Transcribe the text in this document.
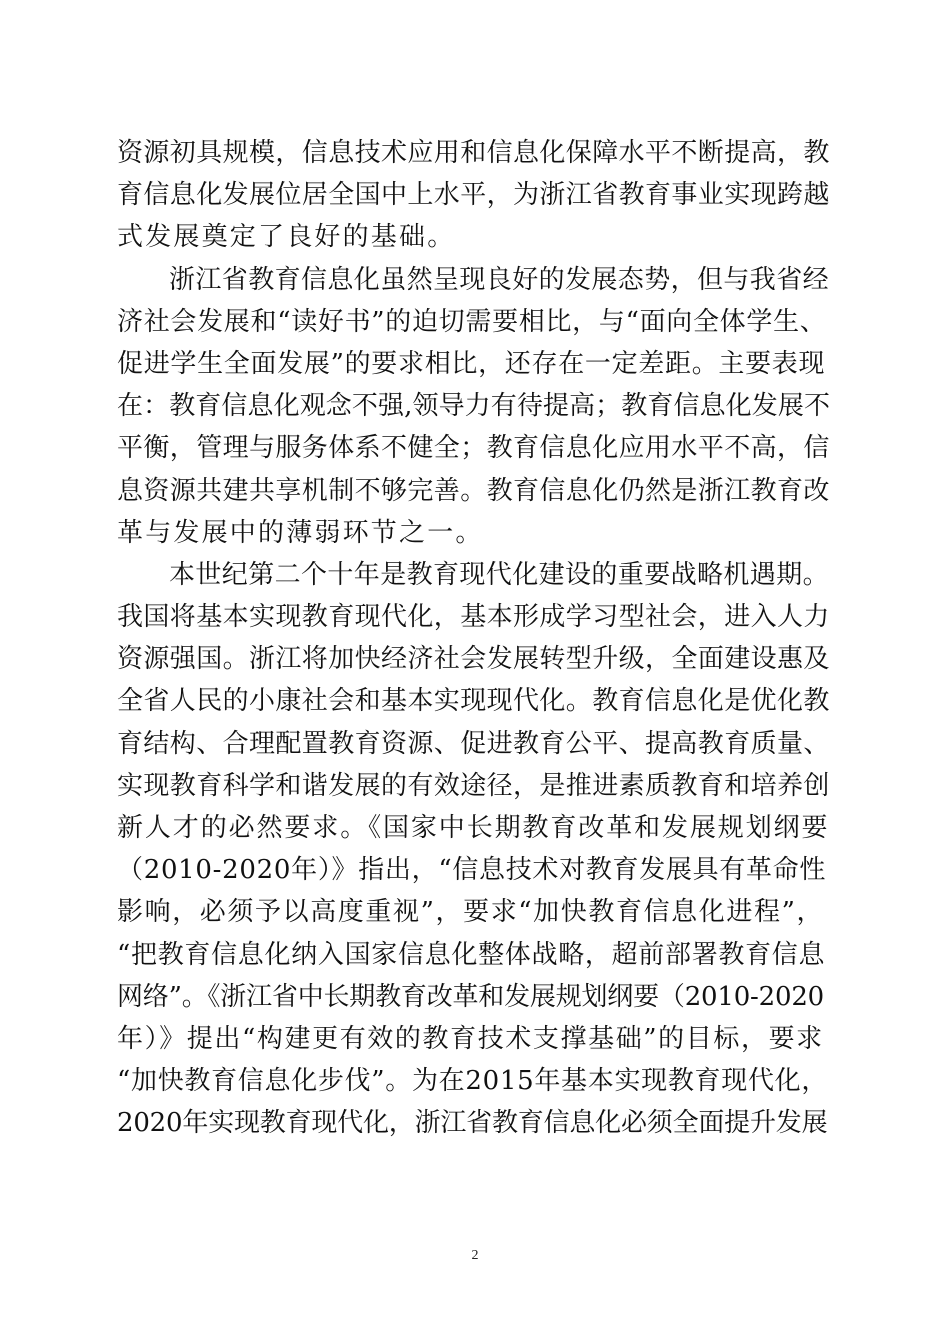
资源初具规模，信息技术应用和信息化保障水平不断提高，教
育信息化发展位居全国中上水平，为浙江省教育事业实现跨越
式发展奠定了良好的基础。
浙江省教育信息化虽然呈现良好的发展态势，但与我省经
济社会发展和“读好书”的迫切需要相比，与“面向全体学生、
促进学生全面发展”的要求相比，还存在一定差距。主要表现
在：教育信息化观念不强,领导力有待提高；教育信息化发展不
平衡，管理与服务体系不健全；教育信息化应用水平不高，信
息资源共建共享机制不够完善。教育信息化仍然是浙江教育改
革与发展中的薄弱环节之一。
本世纪第二个十年是教育现代化建设的重要战略机遇期。
我国将基本实现教育现代化，基本形成学习型社会，进入人力
资源强国。浙江将加快经济社会发展转型升级，全面建设惠及
全省人民的小康社会和基本实现现代化。教育信息化是优化教
育结构、合理配置教育资源、促进教育公平、提高教育质量、
实现教育科学和谐发展的有效途径，是推进素质教育和培养创
新人才的必然要求。《国家中长期教育改革和发展规划纲要
（2010-2020年）》指出，“信息技术对教育发展具有革命性
影响，必须予以高度重视”，要求“加快教育信息化进程”，
“把教育信息化纳入国家信息化整体战略，超前部署教育信息
网络”。《浙江省中长期教育改革和发展规划纲要（2010-2020
年）》提出“构建更有效的教育技术支撑基础”的目标，要求
“加快教育信息化步伐”。为在2015年基本实现教育现代化，
2020年实现教育现代化，浙江省教育信息化必须全面提升发展
2
